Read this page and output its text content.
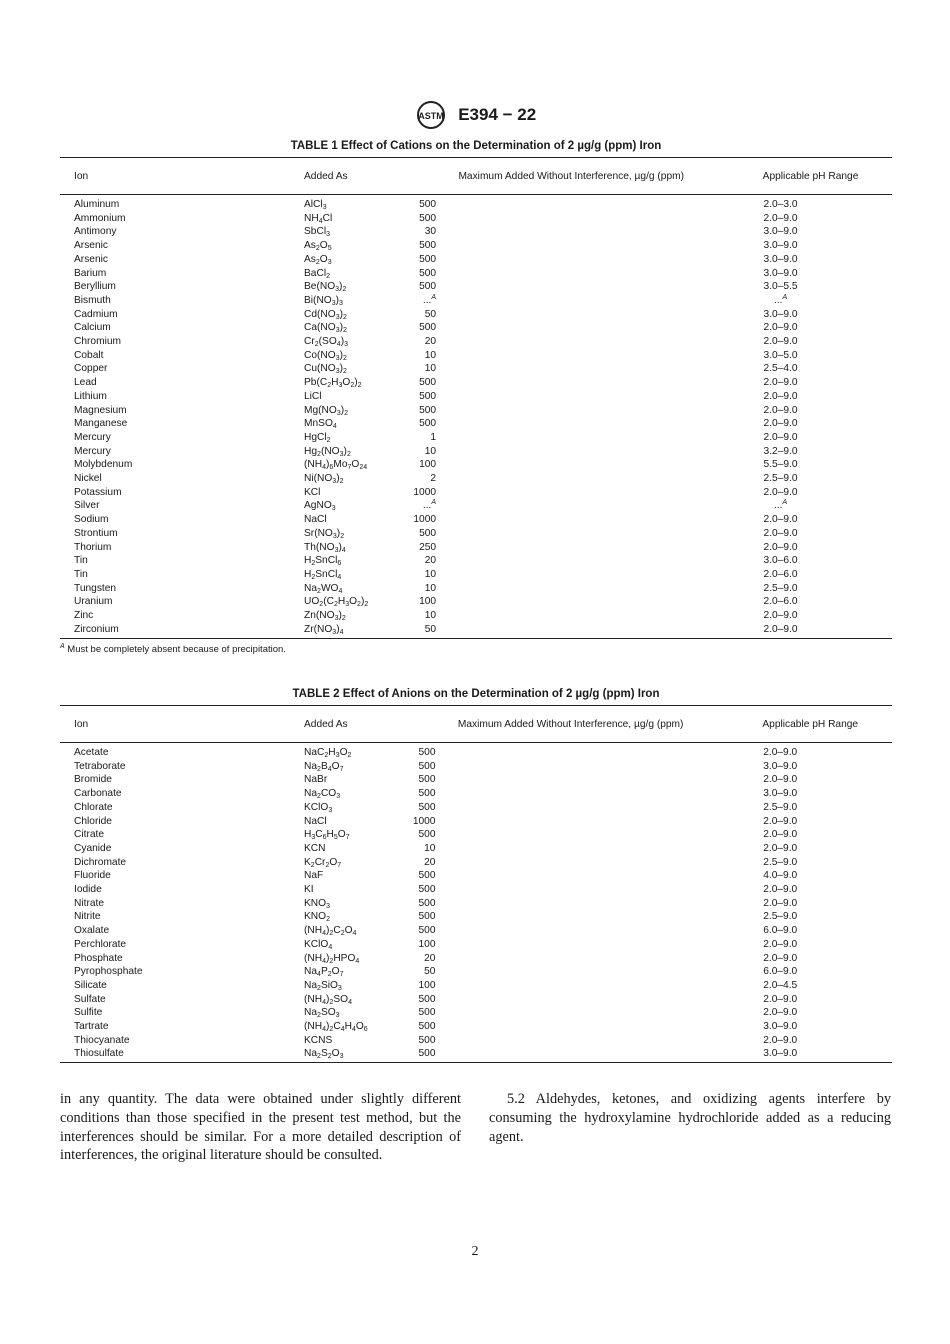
ASTM E394 − 22
TABLE 1 Effect of Cations on the Determination of 2 µg/g (ppm) Iron
Ion	Added As	Maximum Added Without Interference, µg/g (ppm)	Applicable pH Range
Aluminum	AlCl$_3$	500	2.0–3.0
Ammonium	$NH_4Cl$	500	2.0–9.0
Antimony	SbCl$_3$	30	3.0–9.0
Arsenic	$As_2O_5$	500	3.0–9.0
Arsenic	$As_2O_3$	500	3.0–9.0
Barium	BaCl$_2$	500	3.0–9.0
Beryllium	$Be(NO_3)_2$	500	3.0–5.5
Bismuth	$Bi(NO_3)_3$	...$^A$	...$^A$
Cadmium	$Cd(NO_3)_2$	50	3.0–9.0
Calcium	$Ca(NO_3)_2$	500	2.0–9.0
Chromium	$Cr_2(SO_4)_3$	20	2.0–9.0
Cobalt	$Co(NO_3)_2$	10	3.0–5.0
Copper	$Cu(NO_3)_2$	10	2.5–4.0
Lead	$Pb(C_2H_3O_2)_2$	500	2.0–9.0
Lithium	LiCl	500	2.0–9.0
Magnesium	$Mg(NO_3)_2$	500	2.0–9.0
Manganese	MnSO$_4$	500	2.0–9.0
Mercury	HgCl$_2$	1	2.0–9.0
Mercury	$Hg_2(NO_3)_2$	10	3.2–9.0
Molybdenum	$(NH_4)_6Mo_7O_{24}$	100	5.5–9.0
Nickel	$Ni(NO_3)_2$	2	2.5–9.0
Potassium	KCl	1000	2.0–9.0
Silver	AgNO$_3$	...$^A$	...$^A$
Sodium	NaCl	1000	2.0–9.0
Strontium	$Sr(NO_3)_2$	500	2.0–9.0
Thorium	$Th(NO_3)_4$	250	2.0–9.0
Tin	$H_2SnCl_6$	20	3.0–6.0
Tin	$H_2SnCl_4$	10	2.0–6.0
Tungsten	$Na_2WO_4$	10	2.5–9.0
Uranium	$UO_2(C_2H_3O_2)_2$	100	2.0–6.0
Zinc	$Zn(NO_3)_2$	10	2.0–9.0
Zirconium	$Zr(NO_3)_4$	50	2.0–9.0
$^A$ Must be completely absent because of precipitation.
TABLE 2 Effect of Anions on the Determination of 2 µg/g (ppm) Iron
Ion	Added As	Maximum Added Without Interference, µg/g (ppm)	Applicable pH Range
Acetate	$NaC_2H_3O_2$	500	2.0–9.0
Tetraborate	$Na_2B_4O_7$	500	3.0–9.0
Bromide	NaBr	500	2.0–9.0
Carbonate	$Na_2CO_3$	500	3.0–9.0
Chlorate	KClO$_3$	500	2.5–9.0
Chloride	NaCl	1000	2.0–9.0
Citrate	$H_3C_6H_5O_7$	500	2.0–9.0
Cyanide	KCN	10	2.0–9.0
Dichromate	$K_2Cr_2O_7$	20	2.5–9.0
Fluoride	NaF	500	4.0–9.0
Iodide	KI	500	2.0–9.0
Nitrate	$KNO_3$	500	2.0–9.0
Nitrite	$KNO_2$	500	2.5–9.0
Oxalate	$(NH_4)_2C_2O_4$	500	6.0–9.0
Perchlorate	KClO$_4$	100	2.0–9.0
Phosphate	$(NH_4)_2HPO_4$	20	2.0–9.0
Pyrophosphate	$Na_4P_2O_7$	50	6.0–9.0
Silicate	$Na_2SiO_3$	100	2.0–4.5
Sulfate	$(NH_4)_2SO_4$	500	2.0–9.0
Sulfite	$Na_2SO_3$	500	2.0–9.0
Tartrate	$(NH_4)_2C_4H_4O_6$	500	3.0–9.0
Thiocyanate	KCNS	500	2.0–9.0
Thiosulfate	$Na_2S_2O_3$	500	3.0–9.0

in any quantity. The data were obtained under slightly different conditions than those specified in the present test method, but the interferences should be similar. For a more detailed description of interferences, the original literature should be consulted.

5.2 Aldehydes, ketones, and oxidizing agents interfere by consuming the hydroxylamine hydrochloride added as a reducing agent.

2
